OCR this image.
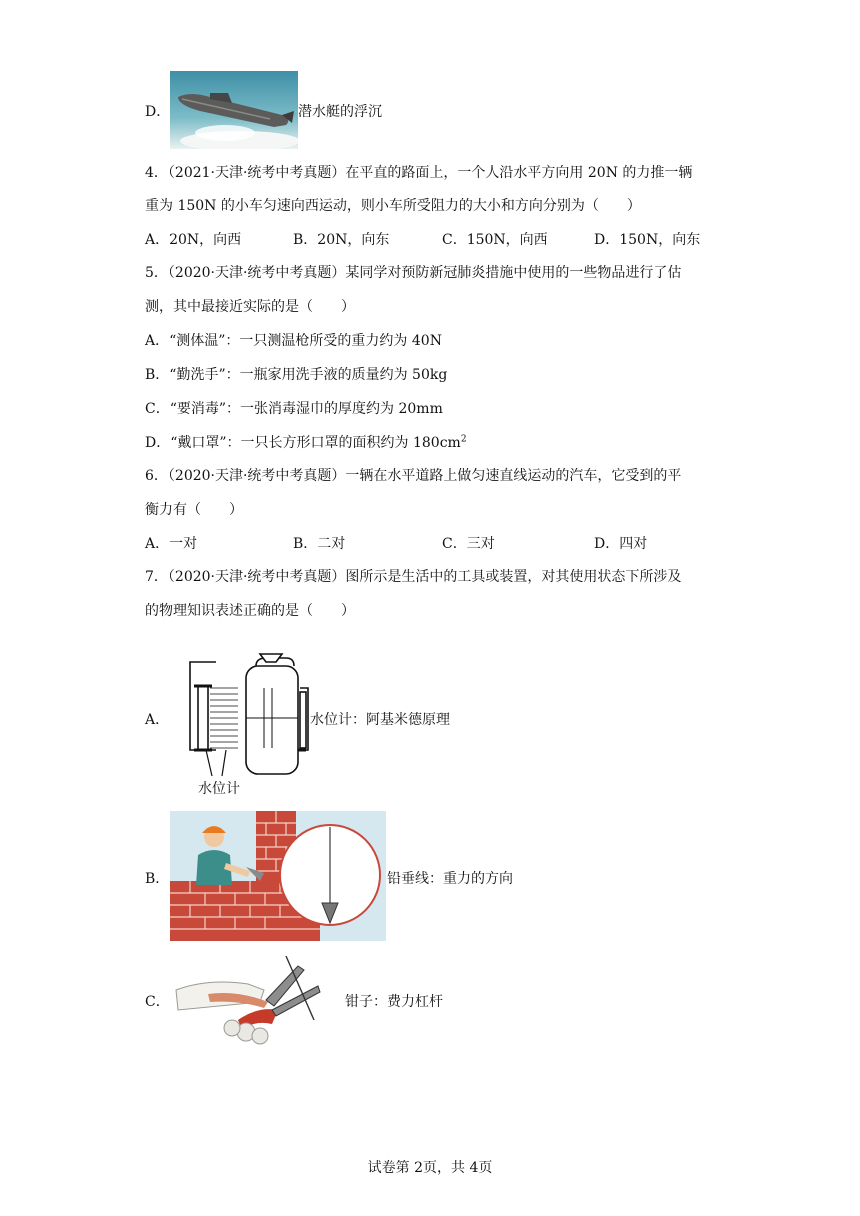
D．	潜水艇的浮沉
4．（2021·天津·统考中考真题）在平直的路面上，一个人沿水平方向用 20N 的力推一辆
重为 150N 的小车匀速向西运动，则小车所受阻力的大小和方向分别为（　　）
A．20N，向西	B．20N，向东	C．150N，向西	D．150N，向东
5．（2020·天津·统考中考真题）某同学对预防新冠肺炎措施中使用的一些物品进行了估
测，其中最接近实际的是（　　）
A．“测体温”：一只测温枪所受的重力约为 40N
B．“勤洗手”：一瓶家用洗手液的质量约为 50kg
C．“要消毒”：一张消毒湿巾的厚度约为 20mm
D．“戴口罩”：一只长方形口罩的面积约为 $180cm^2$
6．（2020·天津·统考中考真题）一辆在水平道路上做匀速直线运动的汽车，它受到的平
衡力有（　　）
A．一对	B．二对	C．三对	D．四对
7．（2020·天津·统考中考真题）图所示是生活中的工具或装置，对其使用状态下所涉及
的物理知识表述正确的是（　　）
A．
水位计
水位计：阿基米德原理
B．	铅垂线：重力的方向
C．	钳子：费力杠杆
试卷第 2页，共 4页
